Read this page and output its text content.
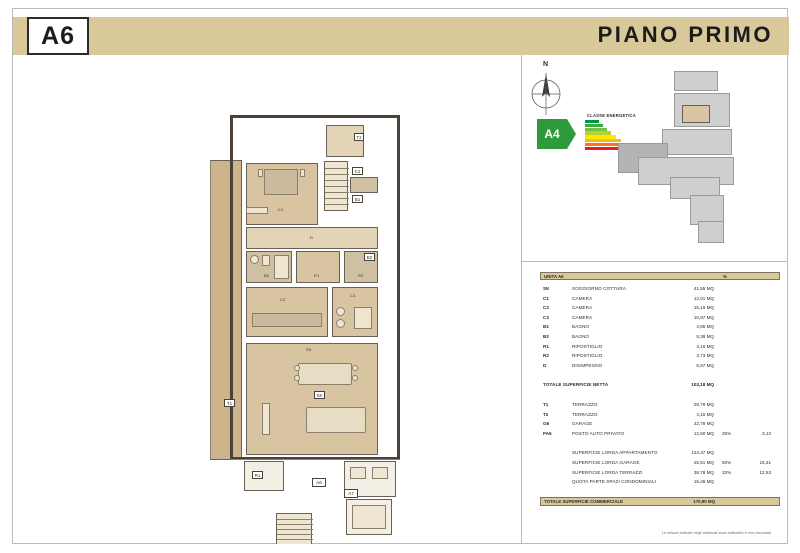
A6	PIANO PRIMO
T2
C1
C1
B1
D
B2	R1	R2
B2
C2
C3
SK
SK
T1
R1
A6
A7
N
CLASSE ENERGETICA
A4
UNITA A6	%
SK	SOGGIORNO COTTURA	41,55 MQ
C1	CAMERA	12,01 MQ
C2	CAMERA	15,16 MQ
C3	CAMERA	10,87 MQ
B1	BAGNO	4,95 MQ
B2	BAGNO	5,38 MQ
R1	RIPOSTIGLIO	3,16 MQ
R2	RIPOSTIGLIO	3,73 MQ
D	DISIMPEGNO	6,87 MQ
TOTALE SUPERFICIE NETTA	103,18 MQ
T1	TERRAZZO	28,79 MQ
T2	TERRAZZO	4,15 MQ
G6	GARAGE	22,79 MQ
PA6	POSTO AUTO PRIVATO	12,50 MQ 25%	3,13
SUPERFICIE LORDA APPARTAMENTO	124,37 MQ
SUPERFICIE LORDA GARAGE	25,51 MQ 60%	15,31
SUPERFICIE LORDA TERRAZZI	38,78 MQ 33%	12,53
QUOTA PARTE SPAZI CONDOMINIALI	15,46 MQ
TOTALE SUPERFICIE COMMERCIALE	170,90 MQ
Le misure indicate negli elaborati sono indicative e non vincolanti
